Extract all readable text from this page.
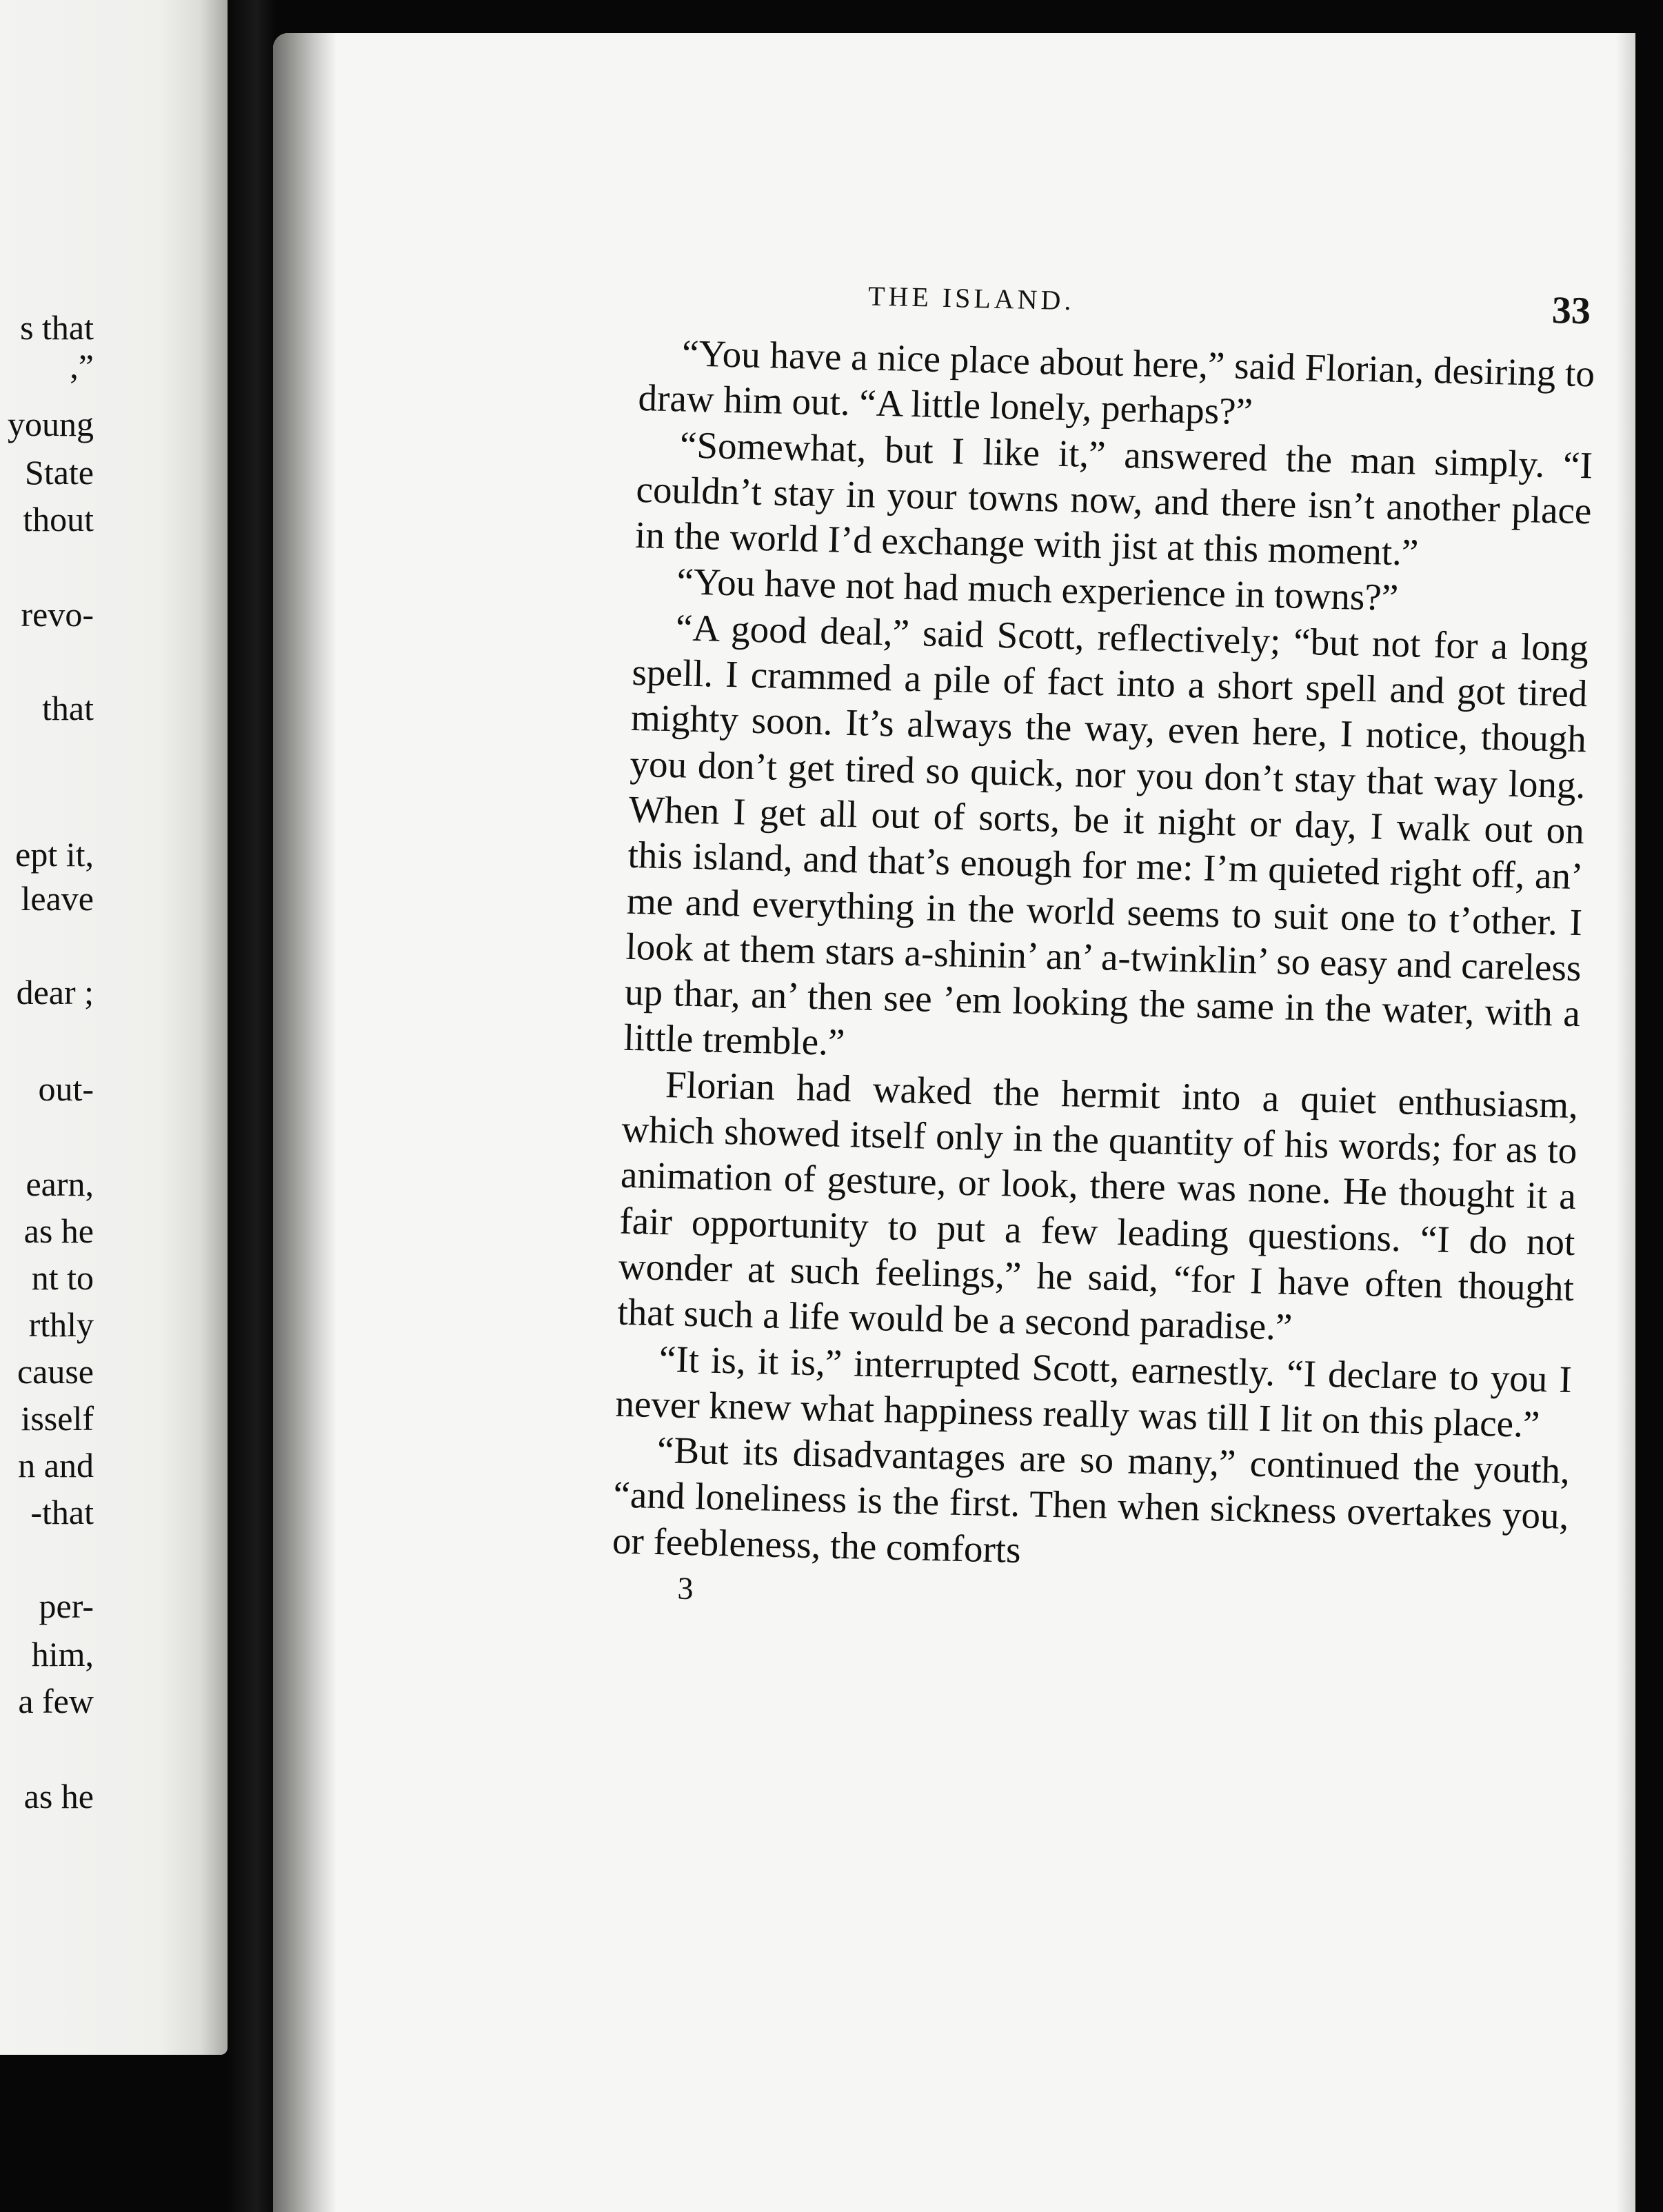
s that
,”
young
State
thout
revo-
that
ept it,
leave
dear ;
out-
earn,
as he
nt to
rthly
cause
isself
n and
-that
per-
him,
a few
as he
THE ISLAND.	33

“You have a nice place about here,” said Florian, desiring to draw him out. “A little lonely, perhaps?”

“Somewhat, but I like it,” answered the man simply. “I couldn’t stay in your towns now, and there isn’t another place in the world I’d exchange with jist at this moment.”

“You have not had much experience in towns?”

“A good deal,” said Scott, reflectively; “but not for a long spell. I crammed a pile of fact into a short spell and got tired mighty soon. It’s always the way, even here, I notice, though you don’t get tired so quick, nor you don’t stay that way long. When I get all out of sorts, be it night or day, I walk out on this island, and that’s enough for me: I’m quieted right off, an’ me and everything in the world seems to suit one to t’other. I look at them stars a-shinin’ an’ a-twinklin’ so easy and careless up thar, an’ then see ’em looking the same in the water, with a little tremble.”

Florian had waked the hermit into a quiet enthusiasm, which showed itself only in the quantity of his words; for as to animation of gesture, or look, there was none. He thought it a fair opportunity to put a few leading questions. “I do not wonder at such feelings,” he said, “for I have often thought that such a life would be a second paradise.”

“It is, it is,” interrupted Scott, earnestly. “I declare to you I never knew what happiness really was till I lit on this place.”

“But its disadvantages are so many,” continued the youth, “and loneliness is the first. Then when sickness overtakes you, or feebleness, the comforts

3
